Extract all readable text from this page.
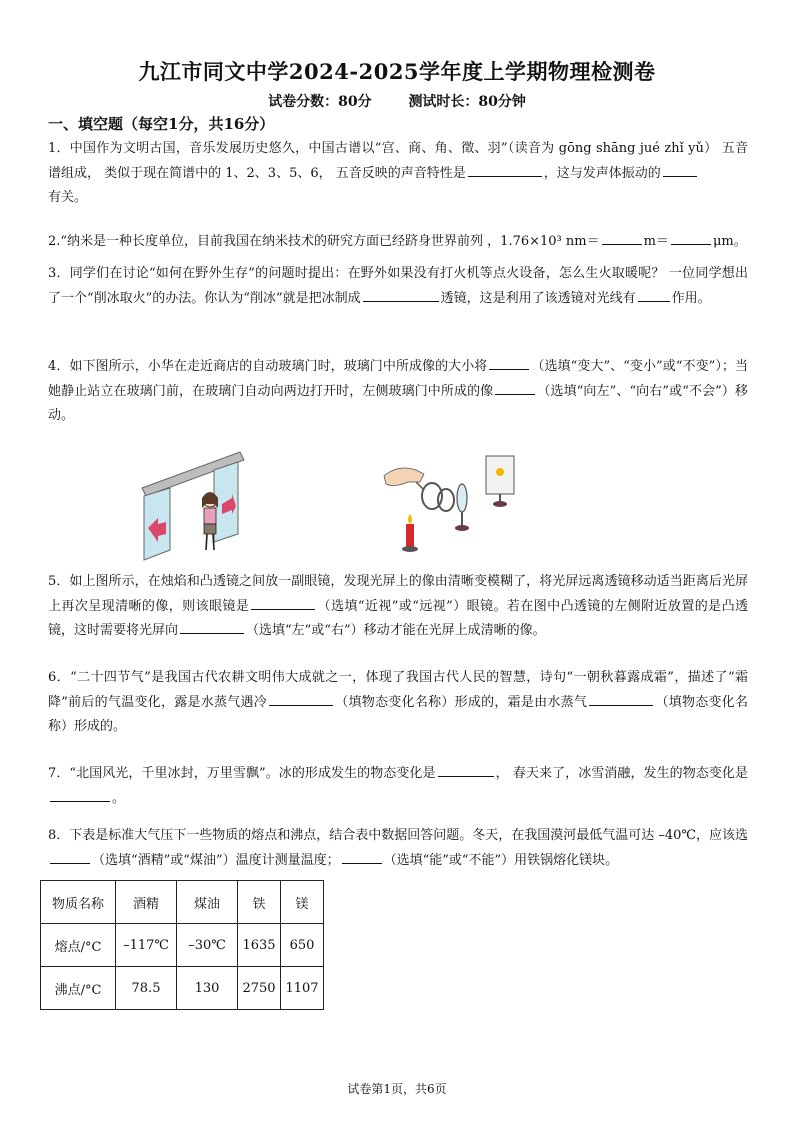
九江市同文中学2024-2025学年度上学期物理检测卷
试卷分数：80分	测试时长：80分钟
一、填空题（每空1分，共16分）
1．中国作为文明古国，音乐发展历史悠久，中国古谱以“宫、商、角、徵、羽”（读音为 gōng shāng jué zhǐ yǔ） 五音谱组成， 类似于现在简谱中的 1、2、3、5、6， 五音反映的声音特性是	，这与发声体振动的
有关。
2.“纳米是一种长度单位，目前我国在纳米技术的研究方面已经跻身世界前列 ，1.76×10³ nm＝	m＝	μm。
3．同学们在讨论“如何在野外生存”的问题时提出：在野外如果没有打火机等点火设备，怎么生火取暖呢？ 一位同学想出了一个“削冰取火”的办法。你认为“削冰”就是把冰制成	透镜，这是利用了该透镜对光线有	作用。
4．如下图所示，小华在走近商店的自动玻璃门时，玻璃门中所成像的大小将	（选填“变大”、“变小”或“不变”）；当她静止站立在玻璃门前，在玻璃门自动向两边打开时，左侧玻璃门中所成的像	（选填“向左”、“向右”或“不会”）移动。
5．如上图所示，在烛焰和凸透镜之间放一副眼镜，发现光屏上的像由清晰变模糊了，将光屏远离透镜移动适当距离后光屏上再次呈现清晰的像，则该眼镜是	（选填“近视”或“远视”）眼镜。若在图中凸透镜的左侧附近放置的是凸透镜，这时需要将光屏向	（选填“左”或“右”）移动才能在光屏上成清晰的像。
6．“二十四节气”是我国古代农耕文明伟大成就之一，体现了我国古代人民的智慧，诗句“一朝秋暮露成霜”，描述了“霜降”前后的气温变化，露是水蒸气遇冷	（填物态变化名称）形成的，霜是由水蒸气	（填物态变化名称）形成的。
7．“北国风光，千里冰封，万里雪飘”。冰的形成发生的物态变化是	， 春天来了，冰雪消融，发生的物态变化是。
8．下表是标准大气压下一些物质的熔点和沸点，结合表中数据回答问题。冬天，在我国漠河最低气温可达 –40℃，应该选（选填“酒精”或“煤油”）温度计测量温度；	（选填“能”或“不能”）用铁锅熔化镁块。
物质名称	酒精	煤油	铁	镁
熔点/°C	–117℃	–30℃	1635	650
沸点/°C	78.5	130	2750	1107
试卷第1页，共6页
